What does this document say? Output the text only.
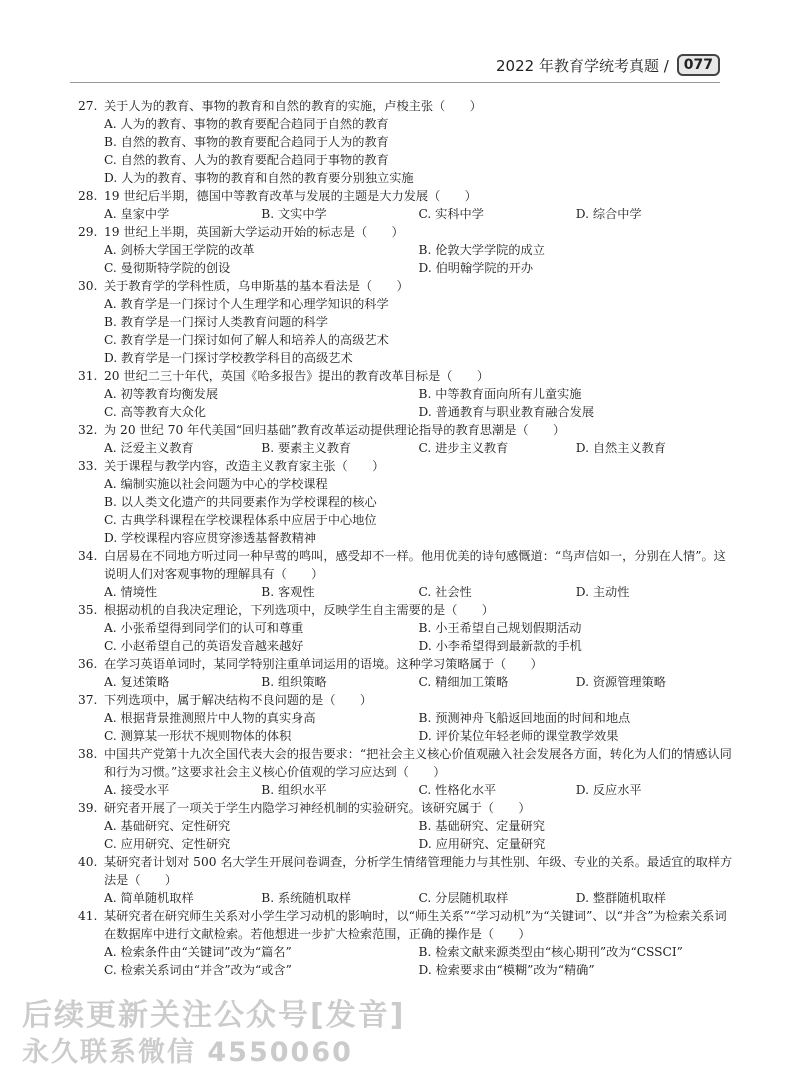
2022 年教育学统考真题 /	077
27. 关于人为的教育、事物的教育和自然的教育的实施，卢梭主张（　　）
A. 人为的教育、事物的教育要配合趋同于自然的教育
B. 自然的教育、事物的教育要配合趋同于人为的教育
C. 自然的教育、人为的教育要配合趋同于事物的教育
D. 人为的教育、事物的教育和自然的教育要分别独立实施
28. 19 世纪后半期，德国中等教育改革与发展的主题是大力发展（　　）
A. 皇家中学	B. 文实中学	C. 实科中学	D. 综合中学
29. 19 世纪上半期，英国新大学运动开始的标志是（　　）
A. 剑桥大学国王学院的改革	B. 伦敦大学学院的成立
C. 曼彻斯特学院的创设	D. 伯明翰学院的开办
30. 关于教育学的学科性质，乌申斯基的基本看法是（　　）
A. 教育学是一门探讨个人生理学和心理学知识的科学
B. 教育学是一门探讨人类教育问题的科学
C. 教育学是一门探讨如何了解人和培养人的高级艺术
D. 教育学是一门探讨学校教学科目的高级艺术
31. 20 世纪二三十年代，英国《哈多报告》提出的教育改革目标是（　　）
A. 初等教育均衡发展	B. 中等教育面向所有儿童实施
C. 高等教育大众化	D. 普通教育与职业教育融合发展
32. 为 20 世纪 70 年代美国“回归基础”教育改革运动提供理论指导的教育思潮是（　　）
A. 泛爱主义教育	B. 要素主义教育	C. 进步主义教育	D. 自然主义教育
33. 关于课程与教学内容，改造主义教育家主张（　　）
A. 编制实施以社会问题为中心的学校课程
B. 以人类文化遗产的共同要素作为学校课程的核心
C. 古典学科课程在学校课程体系中应居于中心地位
D. 学校课程内容应贯穿渗透基督教精神
34. 白居易在不同地方听过同一种早莺的鸣叫，感受却不一样。他用优美的诗句感慨道：“鸟声信如一，分别在人情”。这说明人们对客观事物的理解具有（　　）
A. 情境性	B. 客观性	C. 社会性	D. 主动性
35. 根据动机的自我决定理论，下列选项中，反映学生自主需要的是（　　）
A. 小张希望得到同学们的认可和尊重	B. 小王希望自己规划假期活动
C. 小赵希望自己的英语发音越来越好	D. 小李希望得到最新款的手机
36. 在学习英语单词时，某同学特别注重单词运用的语境。这种学习策略属于（　　）
A. 复述策略	B. 组织策略	C. 精细加工策略	D. 资源管理策略
37. 下列选项中，属于解决结构不良问题的是（　　）
A. 根据背景推测照片中人物的真实身高	B. 预测神舟飞船返回地面的时间和地点
C. 测算某一形状不规则物体的体积	D. 评价某位年轻老师的课堂教学效果
38. 中国共产党第十九次全国代表大会的报告要求：“把社会主义核心价值观融入社会发展各方面，转化为人们的情感认同和行为习惯。”这要求社会主义核心价值观的学习应达到（　　）
A. 接受水平	B. 组织水平	C. 性格化水平	D. 反应水平
39. 研究者开展了一项关于学生内隐学习神经机制的实验研究。该研究属于（　　）
A. 基础研究、定性研究	B. 基础研究、定量研究
C. 应用研究、定性研究	D. 应用研究、定量研究
40. 某研究者计划对 500 名大学生开展问卷调查，分析学生情绪管理能力与其性别、年级、专业的关系。最适宜的取样方法是（　　）
A. 简单随机取样	B. 系统随机取样	C. 分层随机取样	D. 整群随机取样
41. 某研究者在研究师生关系对小学生学习动机的影响时，以“师生关系”“学习动机”为“关键词”、以“并含”为检索关系词在数据库中进行文献检索。若他想进一步扩大检索范围，正确的操作是（　　）
A. 检索条件由“关键词”改为“篇名”	B. 检索文献来源类型由“核心期刊”改为“CSSCI”
C. 检索关系词由“并含”改为“或含”	D. 检索要求由“模糊”改为“精确”
后续更新关注公众号[发音]
永久联系微信 4550060
